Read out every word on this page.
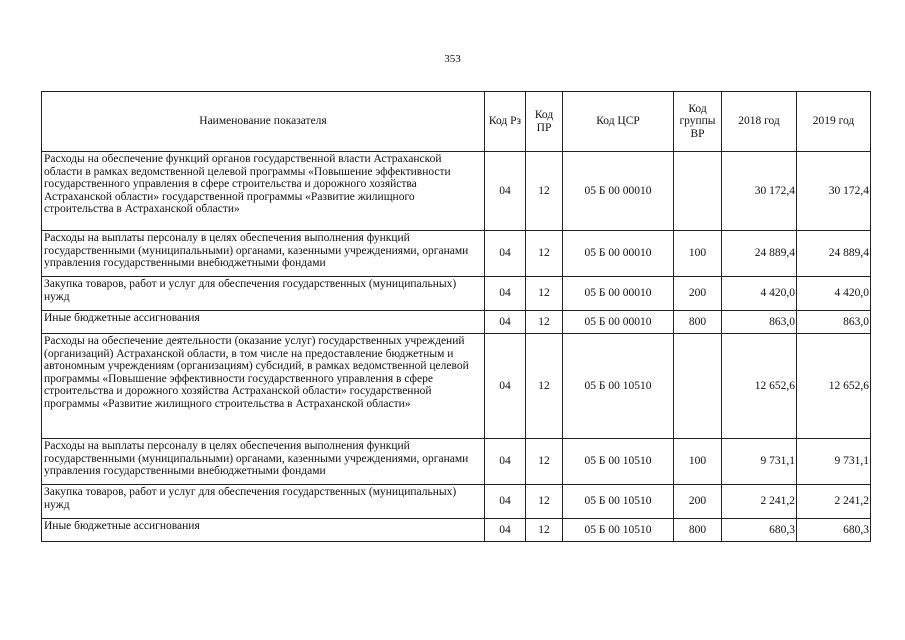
353
Наименование показателя	Код Рз	Код ПР	Код ЦСР	Код группы ВР	2018 год	2019 год
Расходы на обеспечение функций органов государственной власти Астраханской области в рамках ведомственной целевой программы «Повышение эффективности государственного управления в сфере строительства и дорожного хозяйства Астраханской области» государственной программы «Развитие жилищного строительства в Астраханской области»	04	12	05 Б 00 00010		30 172,4	30 172,4
Расходы на выплаты персоналу в целях обеспечения выполнения функций государственными (муниципальными) органами, казенными учреждениями, органами управления государственными внебюджетными фондами	04	12	05 Б 00 00010	100	24 889,4	24 889,4
Закупка товаров, работ и услуг для обеспечения государственных (муниципальных) нужд	04	12	05 Б 00 00010	200	4 420,0	4 420,0
Иные бюджетные ассигнования	04	12	05 Б 00 00010	800	863,0	863,0
Расходы на обеспечение деятельности (оказание услуг) государственных учреждений (организаций) Астраханской области, в том числе на предоставление бюджетным и автономным учреждениям (организациям) субсидий, в рамках ведомственной целевой программы «Повышение эффективности государственного управления в сфере строительства и дорожного хозяйства Астраханской области» государственной программы «Развитие жилищного строительства в Астраханской области»	04	12	05 Б 00 10510		12 652,6	12 652,6
Расходы на выплаты персоналу в целях обеспечения выполнения функций государственными (муниципальными) органами, казенными учреждениями, органами управления государственными внебюджетными фондами	04	12	05 Б 00 10510	100	9 731,1	9 731,1
Закупка товаров, работ и услуг для обеспечения государственных (муниципальных) нужд	04	12	05 Б 00 10510	200	2 241,2	2 241,2
Иные бюджетные ассигнования	04	12	05 Б 00 10510	800	680,3	680,3
